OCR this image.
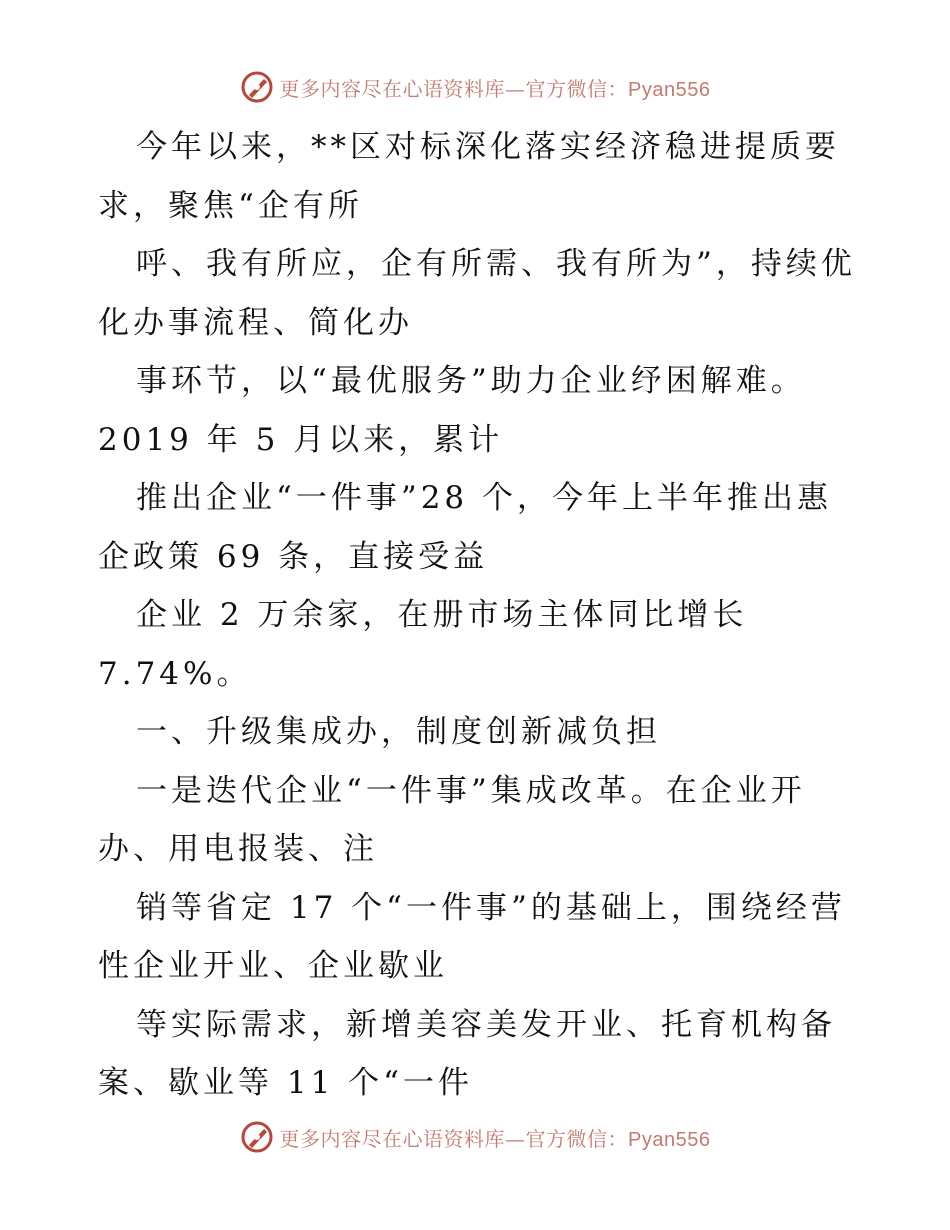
更多内容尽在心语资料库—官方微信：Pyan556
今年以来，**区对标深化落实经济稳进提质要
求，聚焦“企有所
呼、我有所应，企有所需、我有所为”，持续优
化办事流程、简化办
事环节，以“最优服务”助力企业纾困解难。
2019 年 5 月以来，累计
推出企业“一件事”28 个，今年上半年推出惠
企政策 69 条，直接受益
企业 2 万余家，在册市场主体同比增长
7.74%。
一、升级集成办，制度创新减负担
一是迭代企业“一件事”集成改革。在企业开
办、用电报装、注
销等省定 17 个“一件事”的基础上，围绕经营
性企业开业、企业歇业
等实际需求，新增美容美发开业、托育机构备
案、歇业等 11 个“一件
更多内容尽在心语资料库—官方微信：Pyan556
